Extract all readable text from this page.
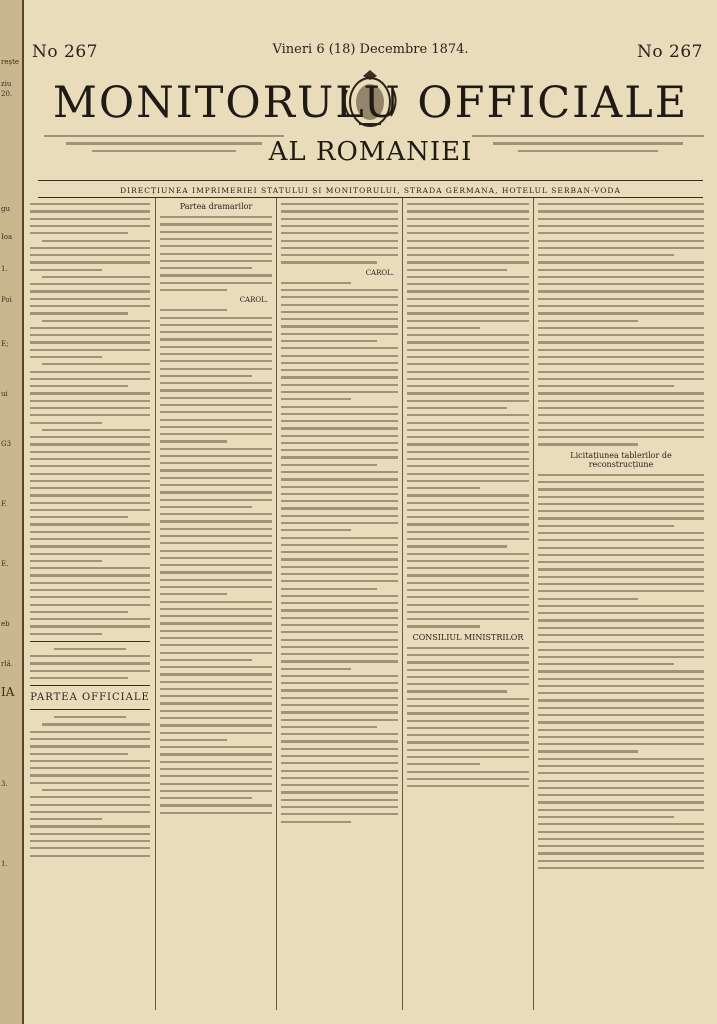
rește
ziu
20.
gu
Ioa
1.
Poi
E;
ui
G3
F.
E.
eb
rlă.
IA
3.
1.
No 267	Vineri 6 (18) Decembre 1874.	No 267
MONITORULU OFFICIALE
AL ROMANIEI
DIRECȚIUNEA IMPRIMERIEI STATULUI ȘI MONITORULUI, STRADA GERMANA, HOTELUL SERBAN-VODA
PARTEA OFFICIALE
Partea dramarilor
CAROL.
CAROL.
CONSILIUL MINISTRILOR
Licitațiunea tablerilor de reconstrucțiune
